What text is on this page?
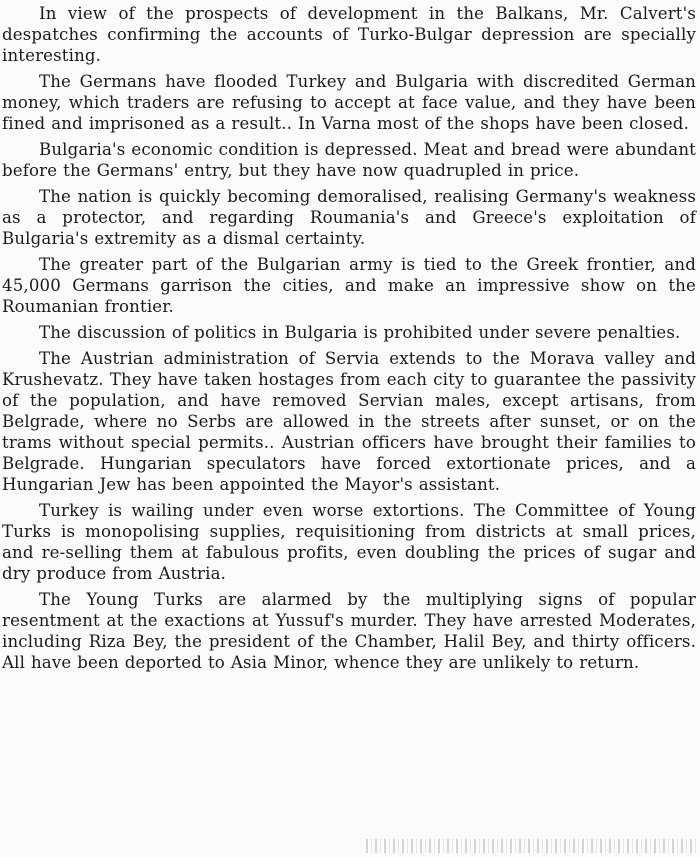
In view of the prospects of development in the Balkans, Mr. Calvert's despatches confirming the accounts of Turko-Bulgar depression are specially interesting.

The Germans have flooded Turkey and Bulgaria with discredited German money, which traders are refusing to accept at face value, and they have been fined and imprisoned as a result.. In Varna most of the shops have been closed.

Bulgaria's economic condition is depressed. Meat and bread were abundant before the Germans' entry, but they have now quadrupled in price.

The nation is quickly becoming demoralised, realising Germany's weakness as a protector, and regarding Roumania's and Greece's exploitation of Bulgaria's extremity as a dismal certainty.

The greater part of the Bulgarian army is tied to the Greek frontier, and 45,000 Germans garrison the cities, and make an impressive show on the Roumanian frontier.

The discussion of politics in Bulgaria is prohibited under severe penalties.

The Austrian administration of Servia extends to the Morava valley and Krushevatz. They have taken hostages from each city to guarantee the passivity of the population, and have removed Servian males, except artisans, from Belgrade, where no Serbs are allowed in the streets after sunset, or on the trams without special permits.. Austrian officers have brought their families to Belgrade. Hungarian speculators have forced extortionate prices, and a Hungarian Jew has been appointed the Mayor's assistant.

Turkey is wailing under even worse extortions. The Committee of Young Turks is monopolising supplies, requisitioning from districts at small prices, and re-selling them at fabulous profits, even doubling the prices of sugar and dry produce from Austria.

The Young Turks are alarmed by the multiplying signs of popular resentment at the exactions at Yussuf's murder. They have arrested Moderates, including Riza Bey, the president of the Chamber, Halil Bey, and thirty officers. All have been deported to Asia Minor, whence they are unlikely to return.
